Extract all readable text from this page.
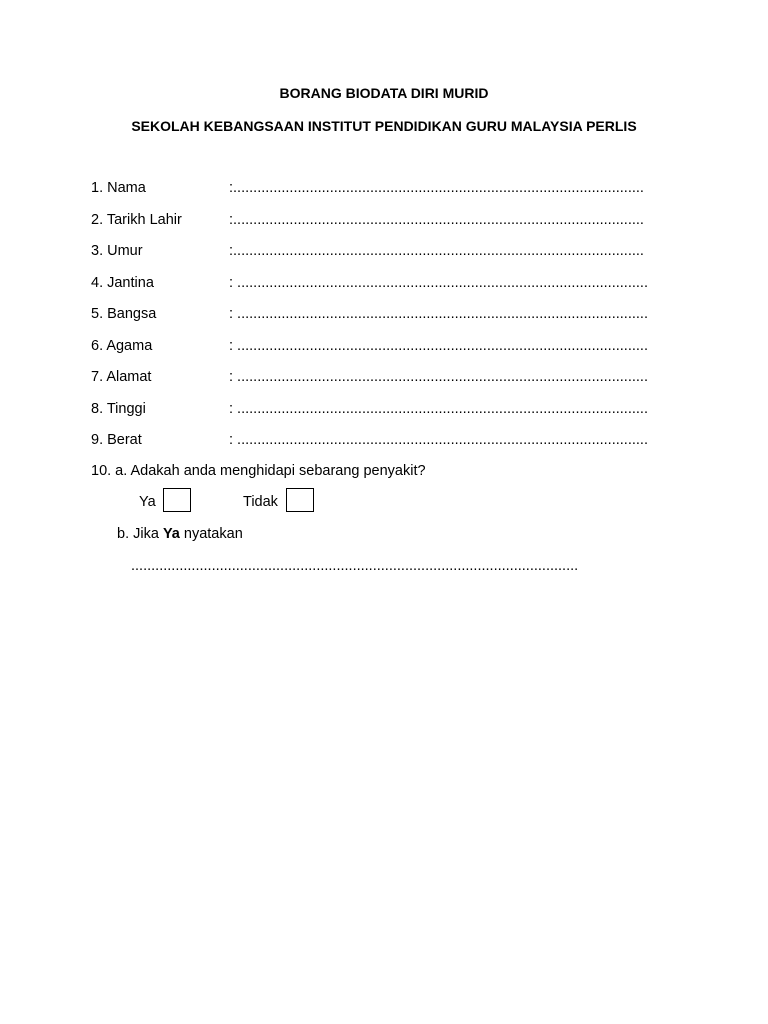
BORANG BIODATA DIRI MURID
SEKOLAH KEBANGSAAN INSTITUT PENDIDIKAN GURU MALAYSIA PERLIS
1. Nama	:......................................................................................................
2. Tarikh Lahir	:......................................................................................................
3. Umur	:......................................................................................................
4. Jantina	: ......................................................................................................
5. Bangsa	: ......................................................................................................
6. Agama	: ......................................................................................................
7. Alamat	: ......................................................................................................
8. Tinggi	: ......................................................................................................
9. Berat	: ......................................................................................................
10. a. Adakah anda menghidapi sebarang penyakit?
Ya	Tidak
b. Jika Ya nyatakan
...............................................................................................................
